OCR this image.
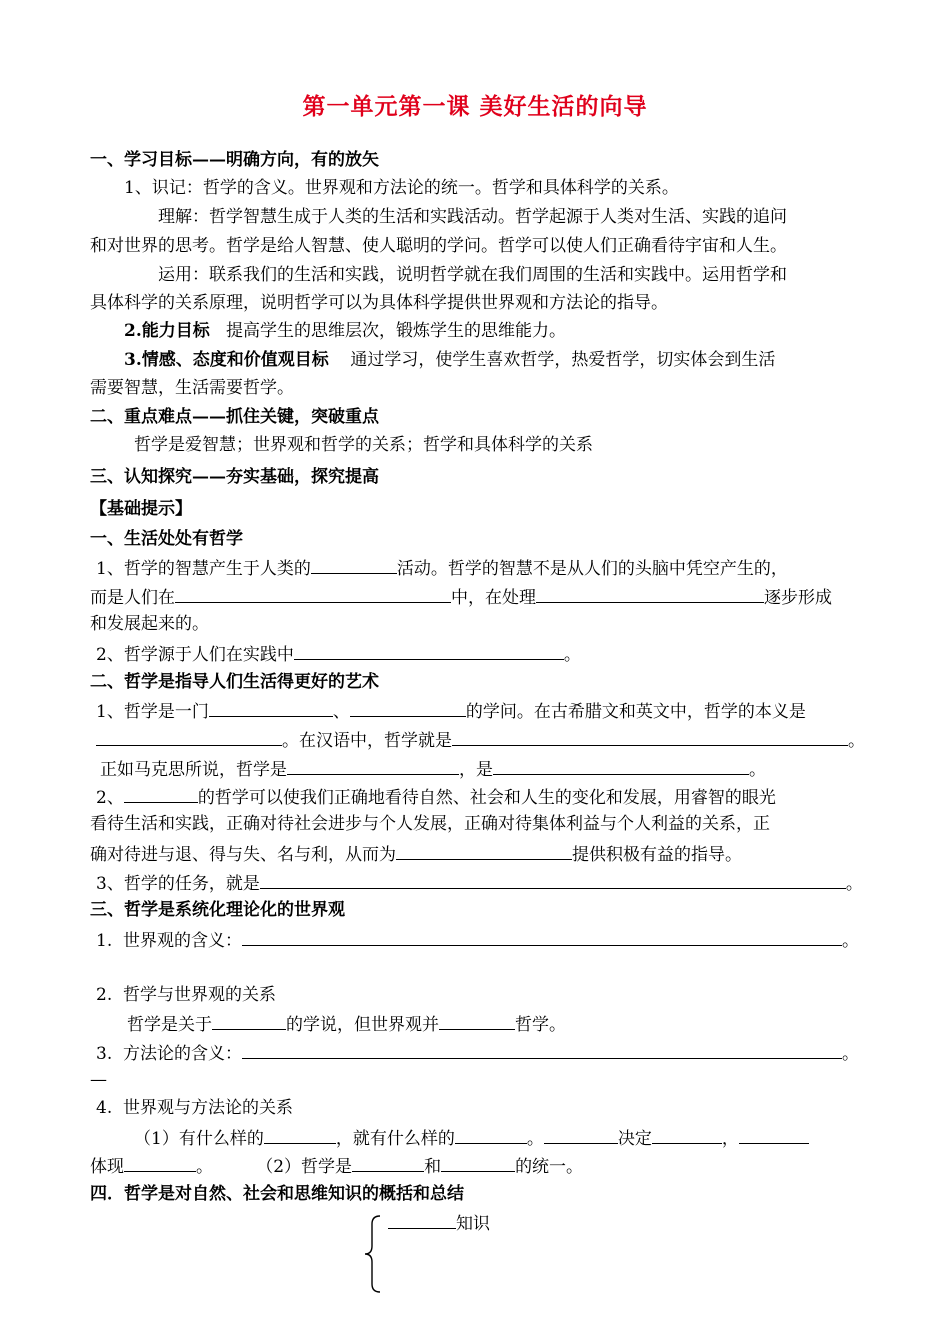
第一单元第一课 美好生活的向导
一、学习目标——明确方向，有的放矢
1、识记：哲学的含义。世界观和方法论的统一。哲学和具体科学的关系。
理解：哲学智慧生成于人类的生活和实践活动。哲学起源于人类对生活、实践的追问
和对世界的思考。哲学是给人智慧、使人聪明的学问。哲学可以使人们正确看待宇宙和人生。
运用：联系我们的生活和实践，说明哲学就在我们周围的生活和实践中。运用哲学和
具体科学的关系原理，说明哲学可以为具体科学提供世界观和方法论的指导。
2.能力目标 提高学生的思维层次，锻炼学生的思维能力。
3.情感、态度和价值观目标 通过学习，使学生喜欢哲学，热爱哲学，切实体会到生活
需要智慧，生活需要哲学。
二、重点难点——抓住关键，突破重点
哲学是爱智慧；世界观和哲学的关系；哲学和具体科学的关系
三、认知探究——夯实基础，探究提高
【基础提示】
一、生活处处有哲学
1、哲学的智慧产生于人类的	活动。哲学的智慧不是从人们的头脑中凭空产生的，
而是人们在	中，在处理	逐步形成
和发展起来的。
2、哲学源于人们在实践中	。
二、哲学是指导人们生活得更好的艺术
1、哲学是一门	、	的学问。在古希腊文和英文中，哲学的本义是
。在汉语中，哲学就是	。
正如马克思所说，哲学是	，是	。
2、	的哲学可以使我们正确地看待自然、社会和人生的变化和发展，用睿智的眼光
看待生活和实践，正确对待社会进步与个人发展，正确对待集体利益与个人利益的关系，正
确对待进与退、得与失、名与利，从而为	提供积极有益的指导。
3、哲学的任务，就是	。
三、哲学是系统化理论化的世界观
1. 世界观的含义：	。
2. 哲学与世界观的关系
哲学是关于	的学说，但世界观并	哲学。
3. 方法论的含义：	。
—
4. 世界观与方法论的关系
（1）有什么样的	，就有什么样的	。	决定	，
体现	。	（2）哲学是	和	的统一。
四．哲学是对自然、社会和思维知识的概括和总结
知识
